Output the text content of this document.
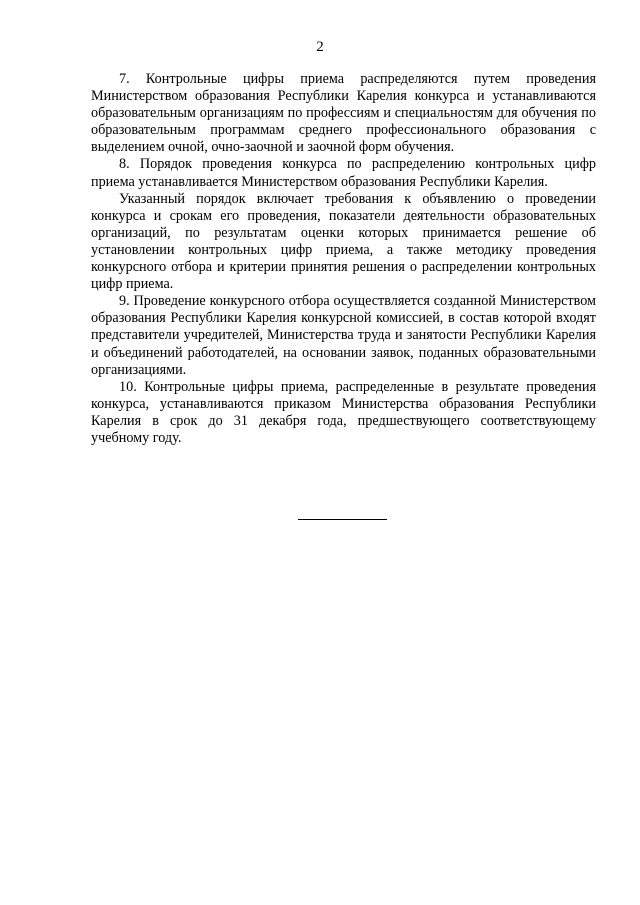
2

7. Контрольные цифры приема распределяются путем проведения Министерством образования Республики Карелия конкурса и устанавливаются образовательным организациям по профессиям и специальностям для обучения по образовательным программам среднего профессионального образования с выделением очной, очно-заочной и заочной форм обучения.

8. Порядок проведения конкурса по распределению контрольных цифр приема устанавливается Министерством образования Республики Карелия.

Указанный порядок включает требования к объявлению о проведении конкурса и срокам его проведения, показатели деятельности образовательных организаций, по результатам оценки которых принимается решение об установлении контрольных цифр приема, а также методику проведения конкурсного отбора и критерии принятия решения о распределении контрольных цифр приема.

9. Проведение конкурсного отбора осуществляется созданной Министерством образования Республики Карелия конкурсной комиссией, в состав которой входят представители учредителей, Министерства труда и занятости Республики Карелия и объединений работодателей, на основании заявок, поданных образовательными организациями.

10. Контрольные цифры приема, распределенные в результате проведения конкурса, устанавливаются приказом Министерства образования Республики Карелия в срок до 31 декабря года, предшествующего соответствующему учебному году.
